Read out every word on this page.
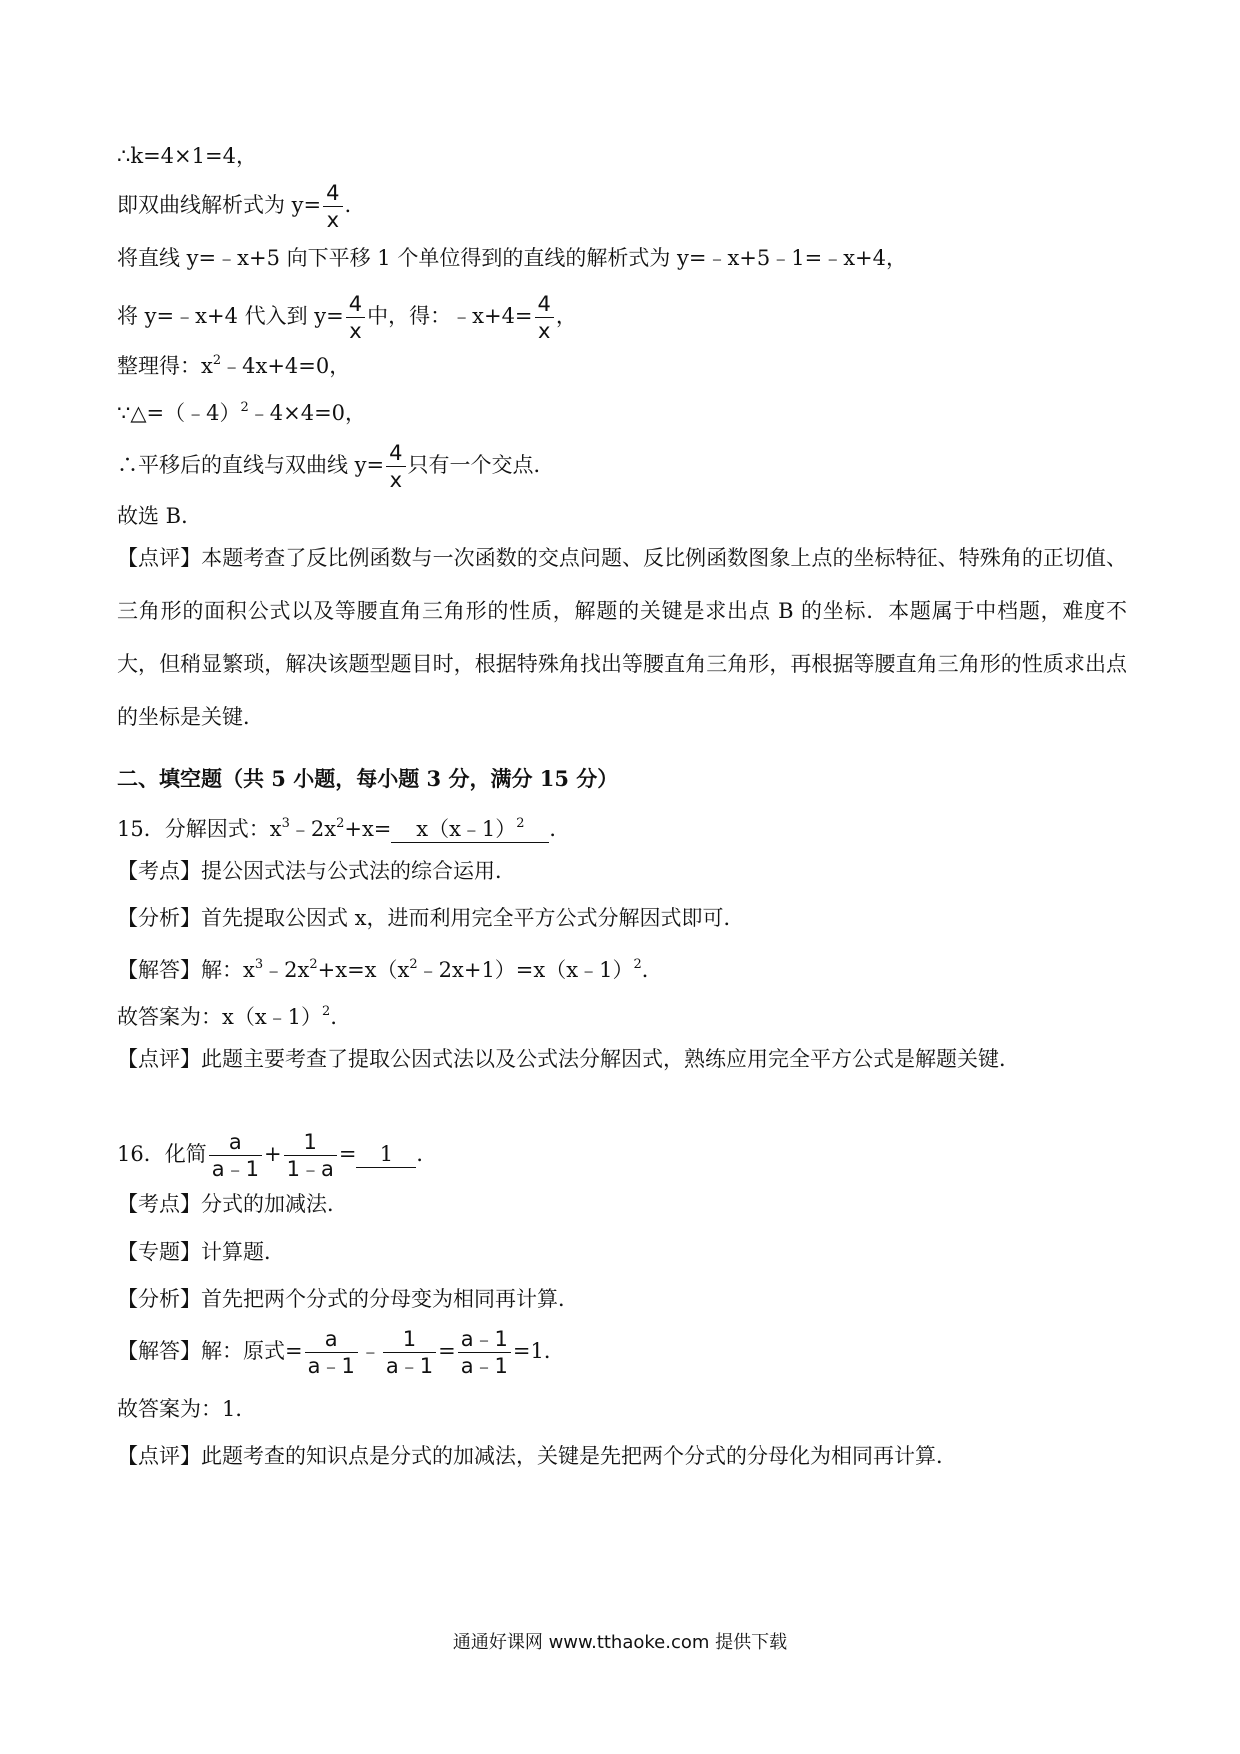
∴k=4×1=4，
即双曲线解析式为 $y= \frac{4}{x}$ .
将直线 y=﹣x+5 向下平移 1 个单位得到的直线的解析式为 y=﹣x+5﹣1=﹣x+4，
将 y=﹣x+4 代入到 $y= \frac{4}{x}$ 中，得：﹣x+4= $\frac{4}{x}$ ，
整理得：$x^2﹣4x+4=0$，
∵△=（﹣4）$^2$﹣4×4=0，
∴平移后的直线与双曲线 $y= \frac{4}{x}$ 只有一个交点．
故选 B．
【点评】本题考查了反比例函数与一次函数的交点问题、反比例函数图象上点的坐标特征、特殊角的正切值、三角形的面积公式以及等腰直角三角形的性质，解题的关键是求出点 B 的坐标．本题属于中档题，难度不大，但稍显繁琐，解决该题型题目时，根据特殊角找出等腰直角三角形，再根据等腰直角三角形的性质求出点的坐标是关键．
二、填空题（共 5 小题，每小题 3 分，满分 15 分）
15．分解因式：$x^3﹣2x^2+x=$ x（x﹣1）$^2$ ．
【考点】提公因式法与公式法的综合运用．
【分析】首先提取公因式 x，进而利用完全平方公式分解因式即可．
【解答】解：$x^3﹣2x^2+x=x(x^2﹣2x+1)=x(x﹣1)^2$．
故答案为：x（x﹣1）$^2$．
【点评】此题主要考查了提取公因式法以及公式法分解因式，熟练应用完全平方公式是解题关键．
16．化简 $\frac{a}{a﹣1} + \frac{1}{1﹣a} = 1$ ．
【考点】分式的加减法．
【专题】计算题．
【分析】首先把两个分式的分母变为相同再计算．
【解答】解：原式= $\frac{a}{a﹣1}$ ﹣ $\frac{1}{a﹣1} = \frac{a﹣1}{a﹣1} =1$．
故答案为：1．
【点评】此题考查的知识点是分式的加减法，关键是先把两个分式的分母化为相同再计算．
通通好课网 www.tthaoke.com 提供下载
